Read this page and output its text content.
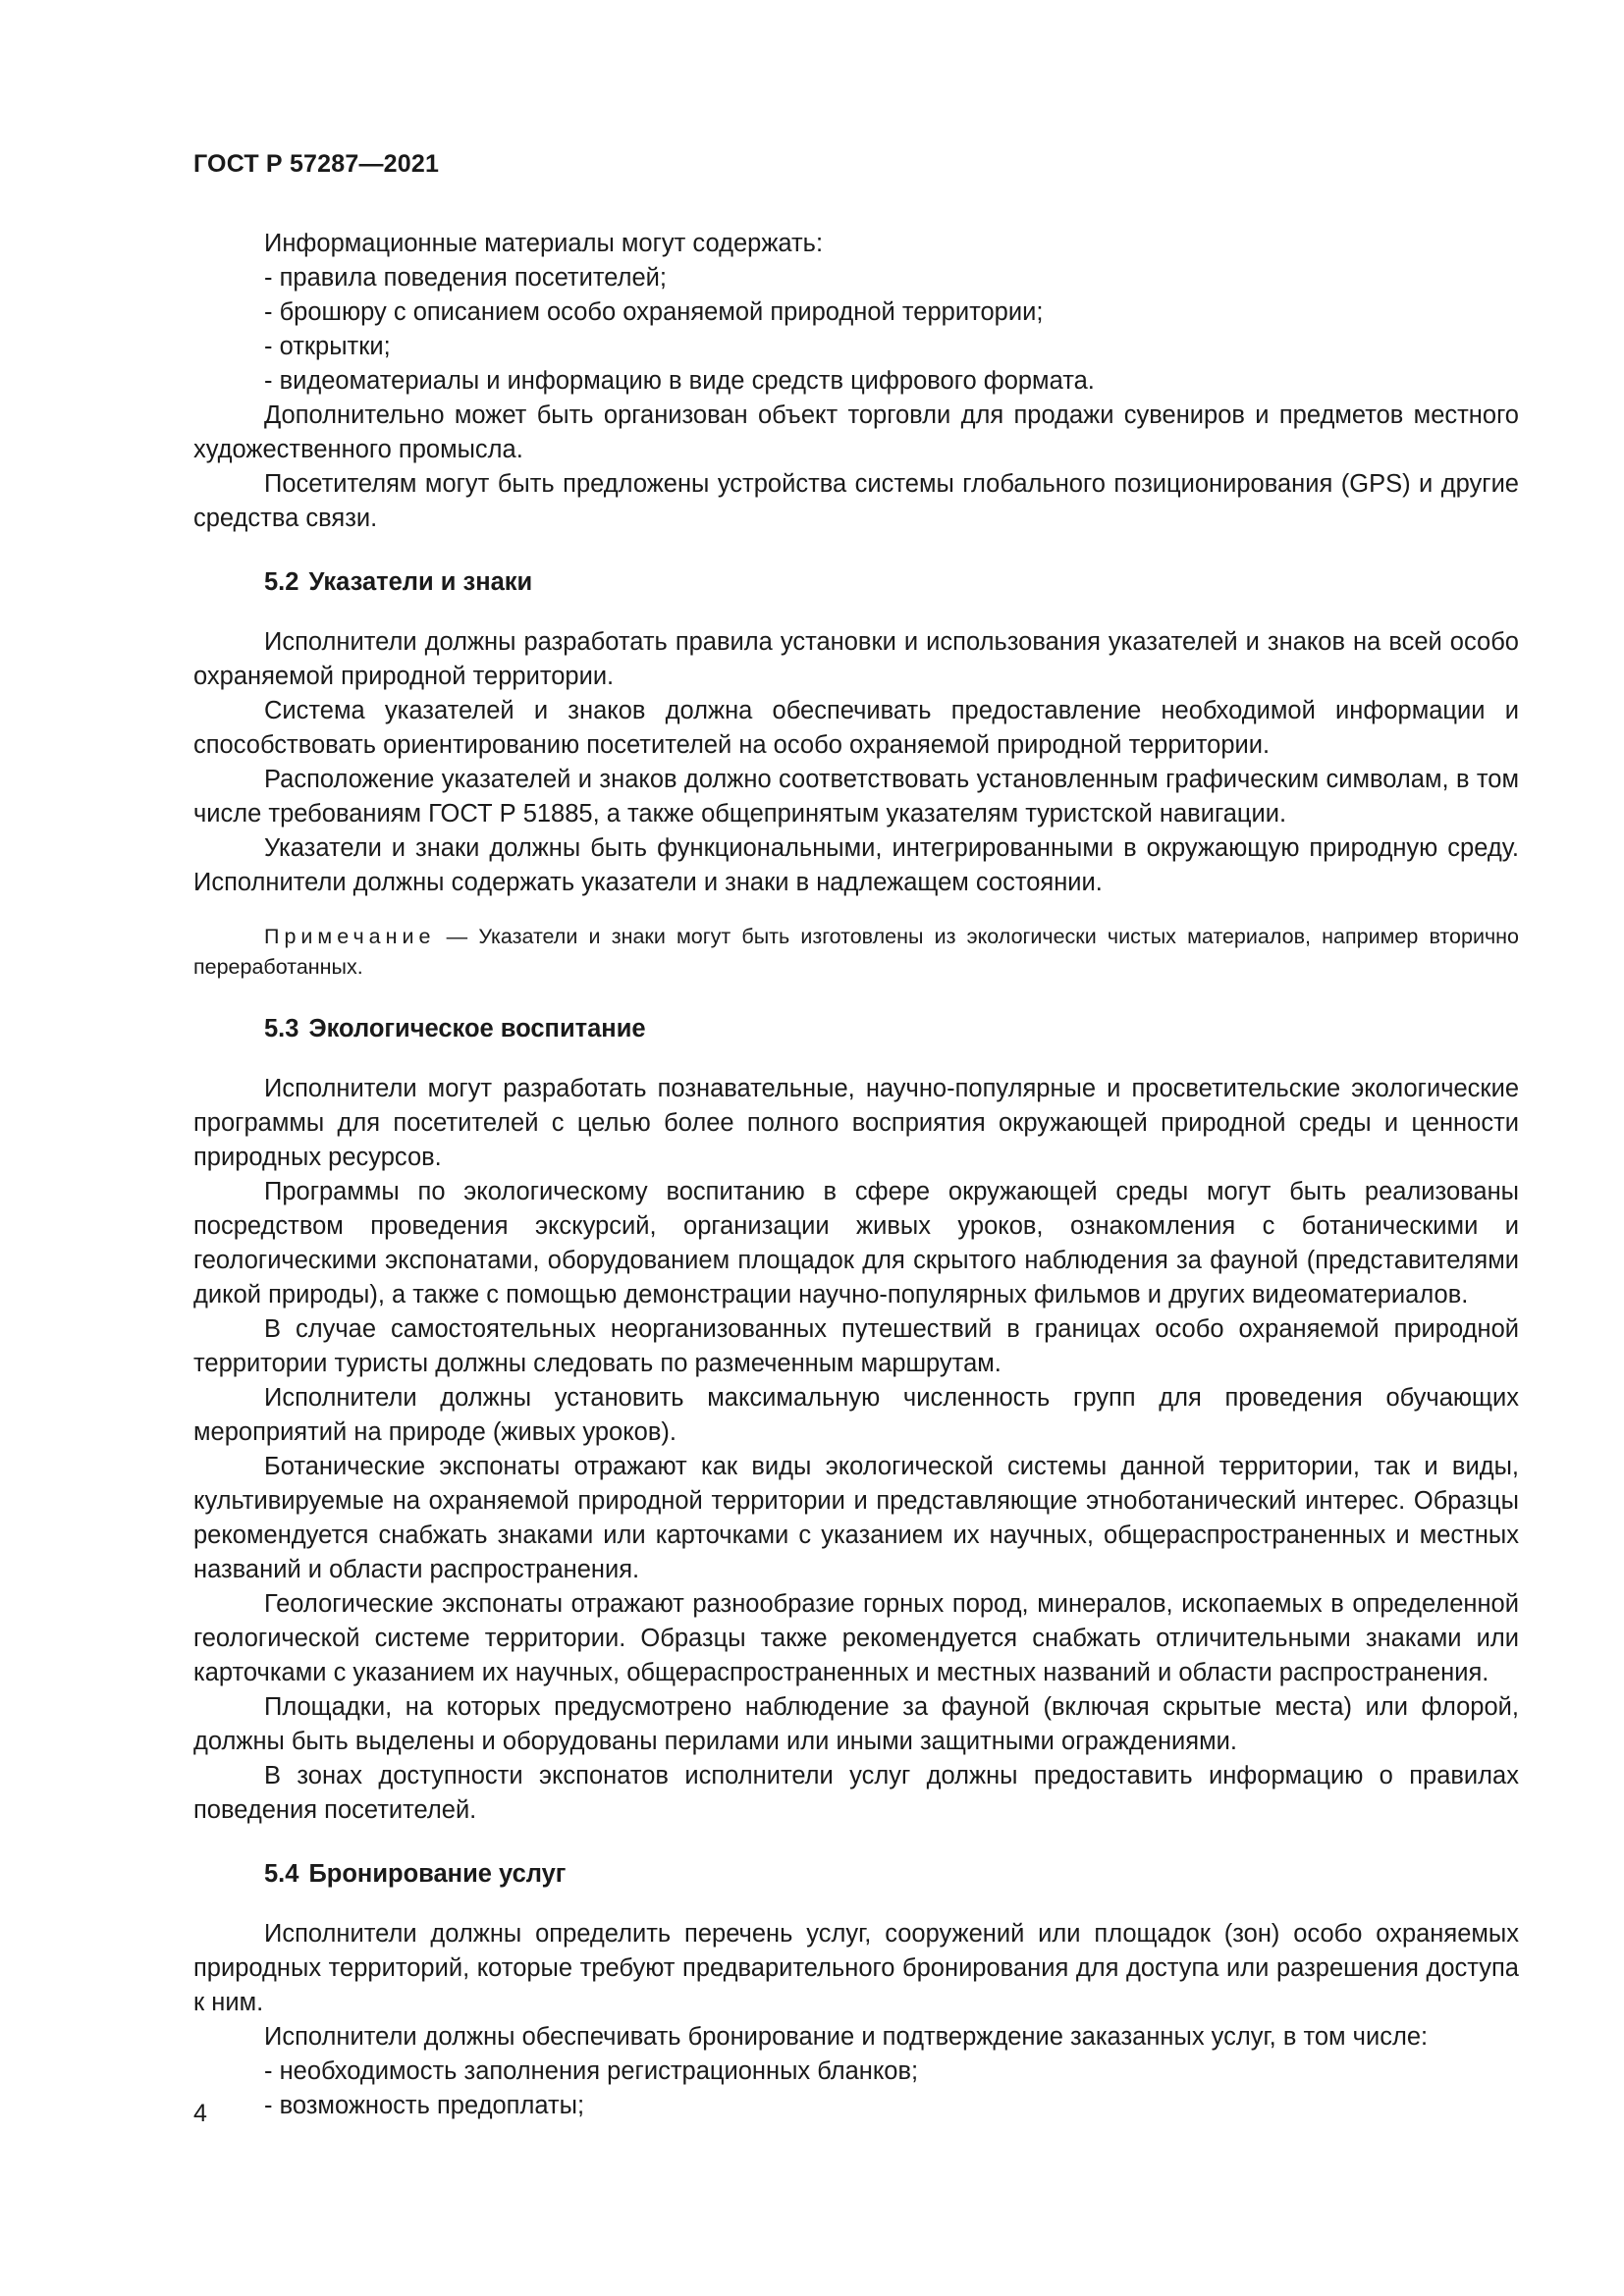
ГОСТ Р 57287—2021

Информационные материалы могут содержать:

- правила поведения посетителей;

- брошюру с описанием особо охраняемой природной территории;

- открытки;

- видеоматериалы и информацию в виде средств цифрового формата.

Дополнительно может быть организован объект торговли для продажи сувениров и предметов местного художественного промысла.

Посетителям могут быть предложены устройства системы глобального позиционирования (GPS) и другие средства связи.

5.2 Указатели и знаки

Исполнители должны разработать правила установки и использования указателей и знаков на всей особо охраняемой природной территории.

Система указателей и знаков должна обеспечивать предоставление необходимой информации и способствовать ориентированию посетителей на особо охраняемой природной территории.

Расположение указателей и знаков должно соответствовать установленным графическим символам, в том числе требованиям ГОСТ Р 51885, а также общепринятым указателям туристской навигации.

Указатели и знаки должны быть функциональными, интегрированными в окружающую природную среду. Исполнители должны содержать указатели и знаки в надлежащем состоянии.

Примечание — Указатели и знаки могут быть изготовлены из экологически чистых материалов, например вторично переработанных.

5.3 Экологическое воспитание

Исполнители могут разработать познавательные, научно-популярные и просветительские экологические программы для посетителей с целью более полного восприятия окружающей природной среды и ценности природных ресурсов.

Программы по экологическому воспитанию в сфере окружающей среды могут быть реализованы посредством проведения экскурсий, организации живых уроков, ознакомления с ботаническими и геологическими экспонатами, оборудованием площадок для скрытого наблюдения за фауной (представителями дикой природы), а также с помощью демонстрации научно-популярных фильмов и других видеоматериалов.

В случае самостоятельных неорганизованных путешествий в границах особо охраняемой природной территории туристы должны следовать по размеченным маршрутам.

Исполнители должны установить максимальную численность групп для проведения обучающих мероприятий на природе (живых уроков).

Ботанические экспонаты отражают как виды экологической системы данной территории, так и виды, культивируемые на охраняемой природной территории и представляющие этноботанический интерес. Образцы рекомендуется снабжать знаками или карточками с указанием их научных, общераспространенных и местных названий и области распространения.

Геологические экспонаты отражают разнообразие горных пород, минералов, ископаемых в определенной геологической системе территории. Образцы также рекомендуется снабжать отличительными знаками или карточками с указанием их научных, общераспространенных и местных названий и области распространения.

Площадки, на которых предусмотрено наблюдение за фауной (включая скрытые места) или флорой, должны быть выделены и оборудованы перилами или иными защитными ограждениями.

В зонах доступности экспонатов исполнители услуг должны предоставить информацию о правилах поведения посетителей.

5.4 Бронирование услуг

Исполнители должны определить перечень услуг, сооружений или площадок (зон) особо охраняемых природных территорий, которые требуют предварительного бронирования для доступа или разрешения доступа к ним.

Исполнители должны обеспечивать бронирование и подтверждение заказанных услуг, в том числе:

- необходимость заполнения регистрационных бланков;

- возможность предоплаты;

4
